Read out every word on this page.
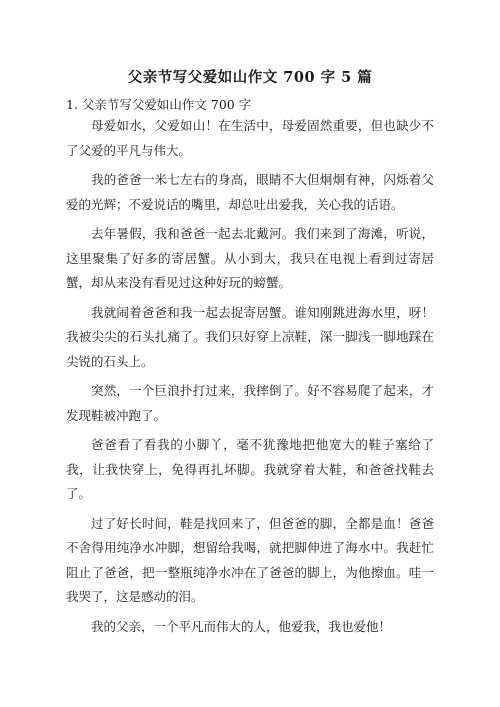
父亲节写父爱如山作文 700 字 5 篇
1. 父亲节写父爱如山作文 700 字

母爱如水，父爱如山！在生活中，母爱固然重要，但也缺少不了父爱的平凡与伟大。

我的爸爸一米七左右的身高，眼睛不大但炯炯有神，闪烁着父爱的光辉；不爱说话的嘴里，却总吐出爱我，关心我的话语。

去年暑假，我和爸爸一起去北戴河。我们来到了海滩，听说，这里聚集了好多的寄居蟹。从小到大，我只在电视上看到过寄居蟹，却从来没有看见过这种好玩的螃蟹。

我就闹着爸爸和我一起去捉寄居蟹。谁知刚跳进海水里，呀！我被尖尖的石头扎痛了。我们只好穿上凉鞋，深一脚浅一脚地踩在尖锐的石头上。

突然，一个巨浪扑打过来，我摔倒了。好不容易爬了起来，才发现鞋被冲跑了。

爸爸看了看我的小脚丫，毫不犹豫地把他宽大的鞋子塞给了我，让我快穿上，免得再扎坏脚。我就穿着大鞋，和爸爸找鞋去了。

过了好长时间，鞋是找回来了，但爸爸的脚，全都是血！爸爸不舍得用纯净水冲脚，想留给我喝，就把脚伸进了海水中。我赶忙阻止了爸爸，把一整瓶纯净水冲在了爸爸的脚上，为他擦血。哇一我哭了，这是感动的泪。

我的父亲，一个平凡而伟大的人，他爱我，我也爱他！
